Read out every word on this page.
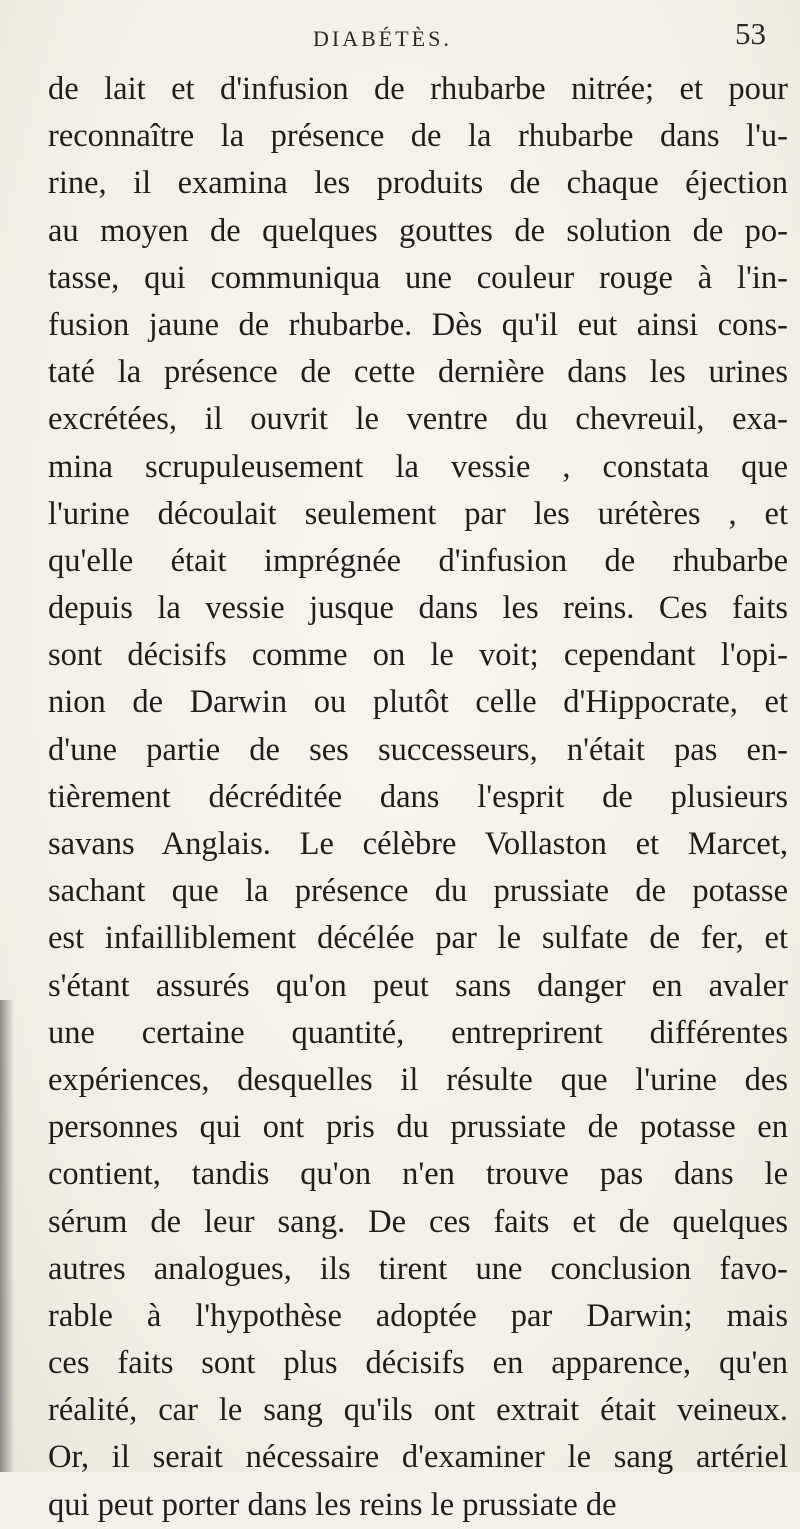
DIABÉTÈS.	53
de lait et d'infusion de rhubarbe nitrée; et pour
reconnaître la présence de la rhubarbe dans l'u-
rine, il examina les produits de chaque éjection
au moyen de quelques gouttes de solution de po-
tasse, qui communiqua une couleur rouge à l'in-
fusion jaune de rhubarbe. Dès qu'il eut ainsi cons-
taté la présence de cette dernière dans les urines
excrétées, il ouvrit le ventre du chevreuil, exa-
mina scrupuleusement la vessie , constata que
l'urine découlait seulement par les urétères , et
qu'elle était imprégnée d'infusion de rhubarbe
depuis la vessie jusque dans les reins. Ces faits
sont décisifs comme on le voit; cependant l'opi-
nion de Darwin ou plutôt celle d'Hippocrate, et
d'une partie de ses successeurs, n'était pas en-
tièrement décréditée dans l'esprit de plusieurs
savans Anglais. Le célèbre Vollaston et Marcet,
sachant que la présence du prussiate de potasse
est infailliblement décélée par le sulfate de fer, et
s'étant assurés qu'on peut sans danger en avaler
une certaine quantité, entreprirent différentes
expériences, desquelles il résulte que l'urine des
personnes qui ont pris du prussiate de potasse en
contient, tandis qu'on n'en trouve pas dans le
sérum de leur sang. De ces faits et de quelques
autres analogues, ils tirent une conclusion favo-
rable à l'hypothèse adoptée par Darwin; mais
ces faits sont plus décisifs en apparence, qu'en
réalité, car le sang qu'ils ont extrait était veineux.
Or, il serait nécessaire d'examiner le sang artériel
qui peut porter dans les reins le prussiate de
